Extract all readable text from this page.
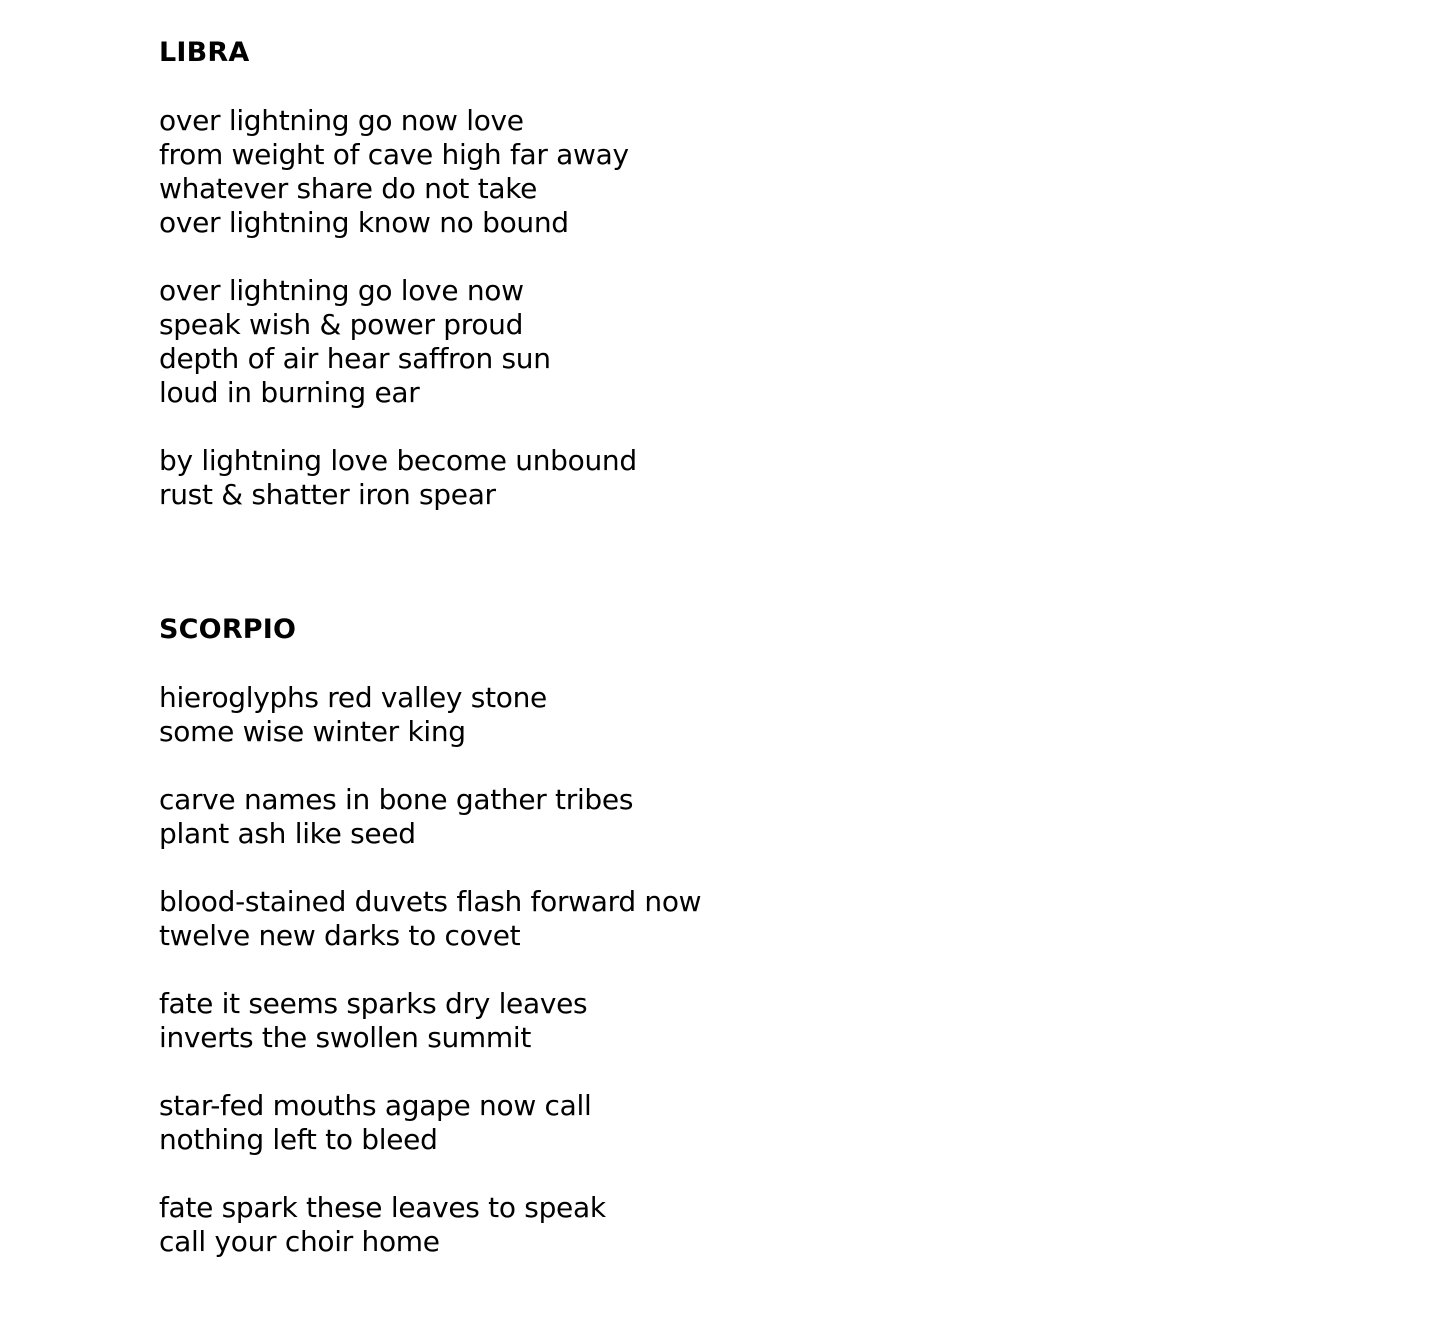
LIBRA
over lightning go now love
from weight of cave high far away
whatever share do not take
over lightning know no bound
over lightning go love now
speak wish & power proud
depth of air hear saffron sun
loud in burning ear
by lightning love become unbound
rust & shatter iron spear
SCORPIO
hieroglyphs red valley stone
some wise winter king
carve names in bone gather tribes
plant ash like seed
blood-stained duvets flash forward now
twelve new darks to covet
fate it seems sparks dry leaves
inverts the swollen summit
star-fed mouths agape now call
nothing left to bleed
fate spark these leaves to speak
call your choir home
